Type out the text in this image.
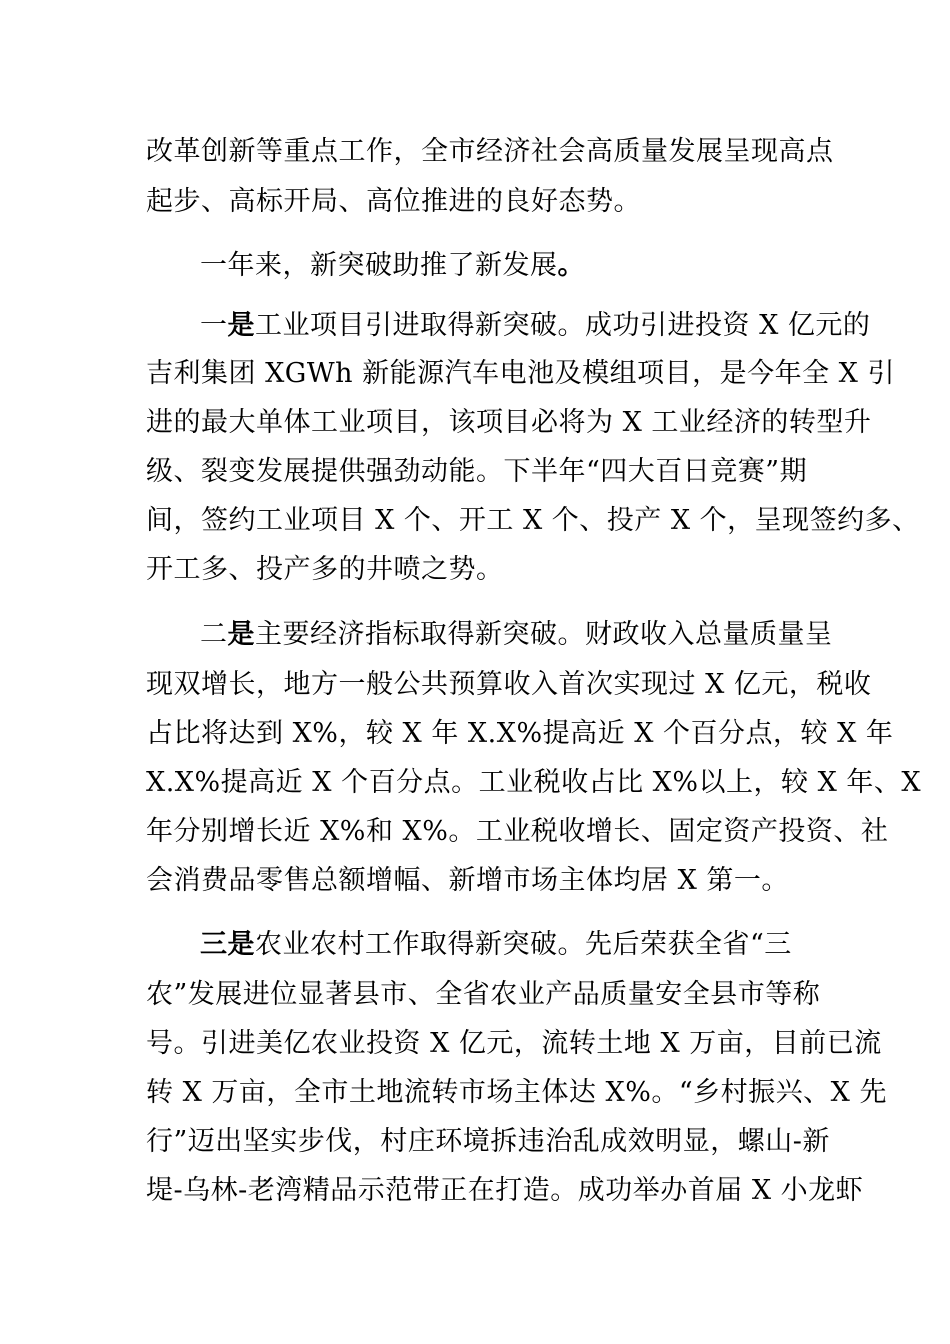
改革创新等重点工作，全市经济社会高质量发展呈现高点
起步、高标开局、高位推进的良好态势。
一年来，新突破助推了新发展。
一是工业项目引进取得新突破。成功引进投资 X 亿元的
吉利集团 XGWh 新能源汽车电池及模组项目，是今年全 X 引
进的最大单体工业项目，该项目必将为 X 工业经济的转型升
级、裂变发展提供强劲动能。下半年“四大百日竞赛”期
间，签约工业项目 X 个、开工 X 个、投产 X 个，呈现签约多、
开工多、投产多的井喷之势。
二是主要经济指标取得新突破。财政收入总量质量呈
现双增长，地方一般公共预算收入首次实现过 X 亿元，税收
占比将达到 X%，较 X 年 X.X%提高近 X 个百分点，较 X 年
X.X%提高近 X 个百分点。工业税收占比 X%以上，较 X 年、X
年分别增长近 X%和 X%。工业税收增长、固定资产投资、社
会消费品零售总额增幅、新增市场主体均居 X 第一。
三是农业农村工作取得新突破。先后荣获全省“三
农”发展进位显著县市、全省农业产品质量安全县市等称
号。引进美亿农业投资 X 亿元，流转土地 X 万亩，目前已流
转 X 万亩，全市土地流转市场主体达 X%。“乡村振兴、X 先
行”迈出坚实步伐，村庄环境拆违治乱成效明显，螺山-新
堤-乌林-老湾精品示范带正在打造。成功举办首届 X 小龙虾
